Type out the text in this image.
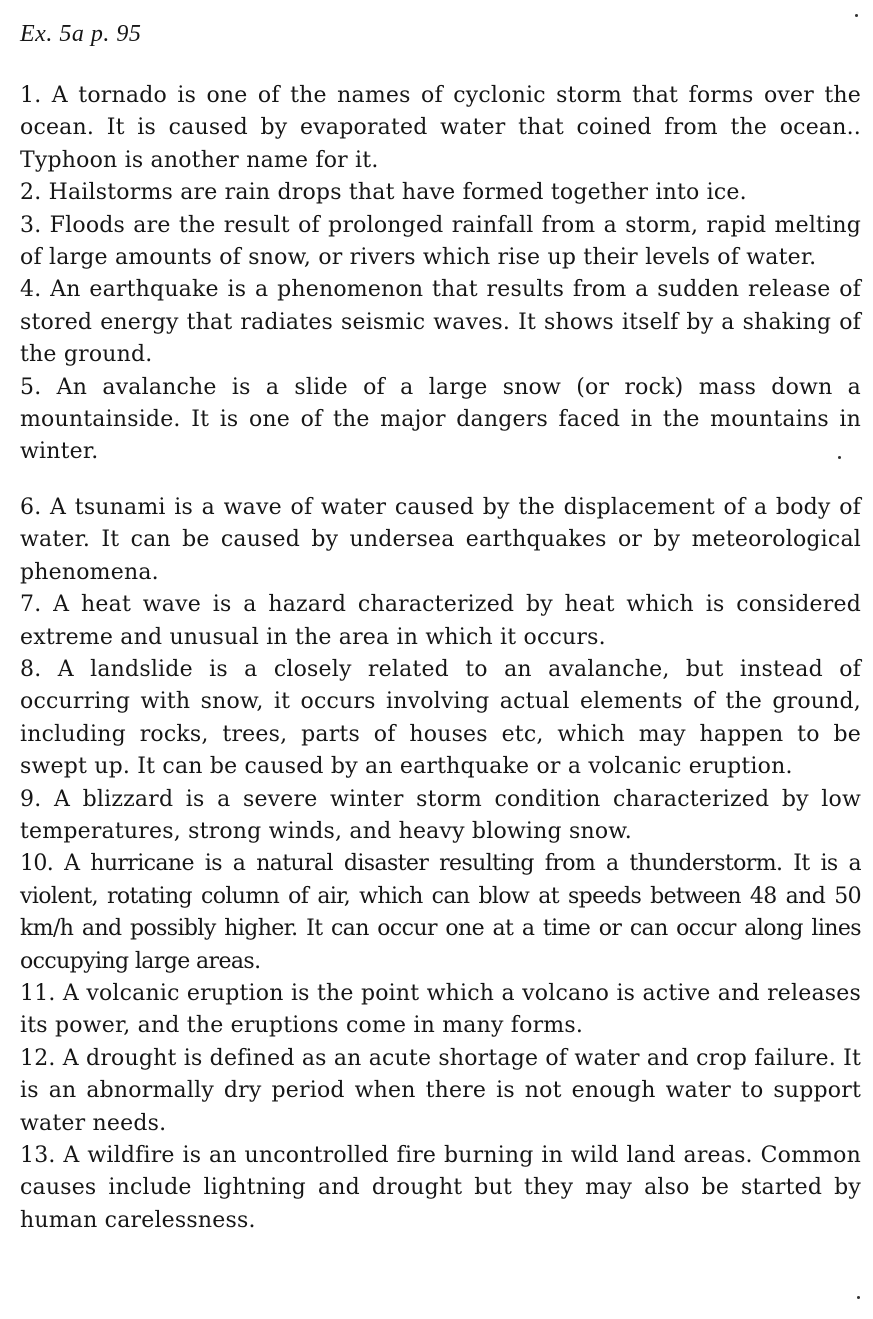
Ex. 5a p. 95
1. A tornado is one of the names of cyclonic storm that forms over the ocean. It is caused by evaporated water that coined from the ocean.. Typhoon is another name for it.
2. Hailstorms are rain drops that have formed together into ice.
3. Floods are the result of prolonged rainfall from a storm, rapid melting of large amounts of snow, or rivers which rise up their levels of water.
4. An earthquake is a phenomenon that results from a sudden release of stored energy that radiates seismic waves. It shows itself by a shaking of the ground.
5. An avalanche is a slide of a large snow (or rock) mass down a mountainside. It is one of the major dangers faced in the mountains in winter.
6. A tsunami is a wave of water caused by the displacement of a body of water. It can be caused by undersea earthquakes or by meteorological phenomena.
7. A heat wave is a hazard characterized by heat which is considered extreme and unusual in the area in which it occurs.
8. A landslide is a closely related to an avalanche, but instead of occurring with snow, it occurs involving actual elements of the ground, including rocks, trees, parts of houses etc, which may happen to be swept up. It can be caused by an earthquake or a volcanic eruption.
9. A blizzard is a severe winter storm condition characterized by low temperatures, strong winds, and heavy blowing snow.
10. A hurricane is a natural disaster resulting from a thunderstorm. It is a violent, rotating column of air, which can blow at speeds between 48 and 50 km/h and possibly higher. It can occur one at a time or can occur along lines occupying large areas.
11. A volcanic eruption is the point which a volcano is active and releases its power, and the eruptions come in many forms.
12. A drought is defined as an acute shortage of water and crop failure. It is an abnormally dry period when there is not enough water to support water needs.
13. A wildfire is an uncontrolled fire burning in wild land areas. Common causes include lightning and drought but they may also be started by human carelessness.
